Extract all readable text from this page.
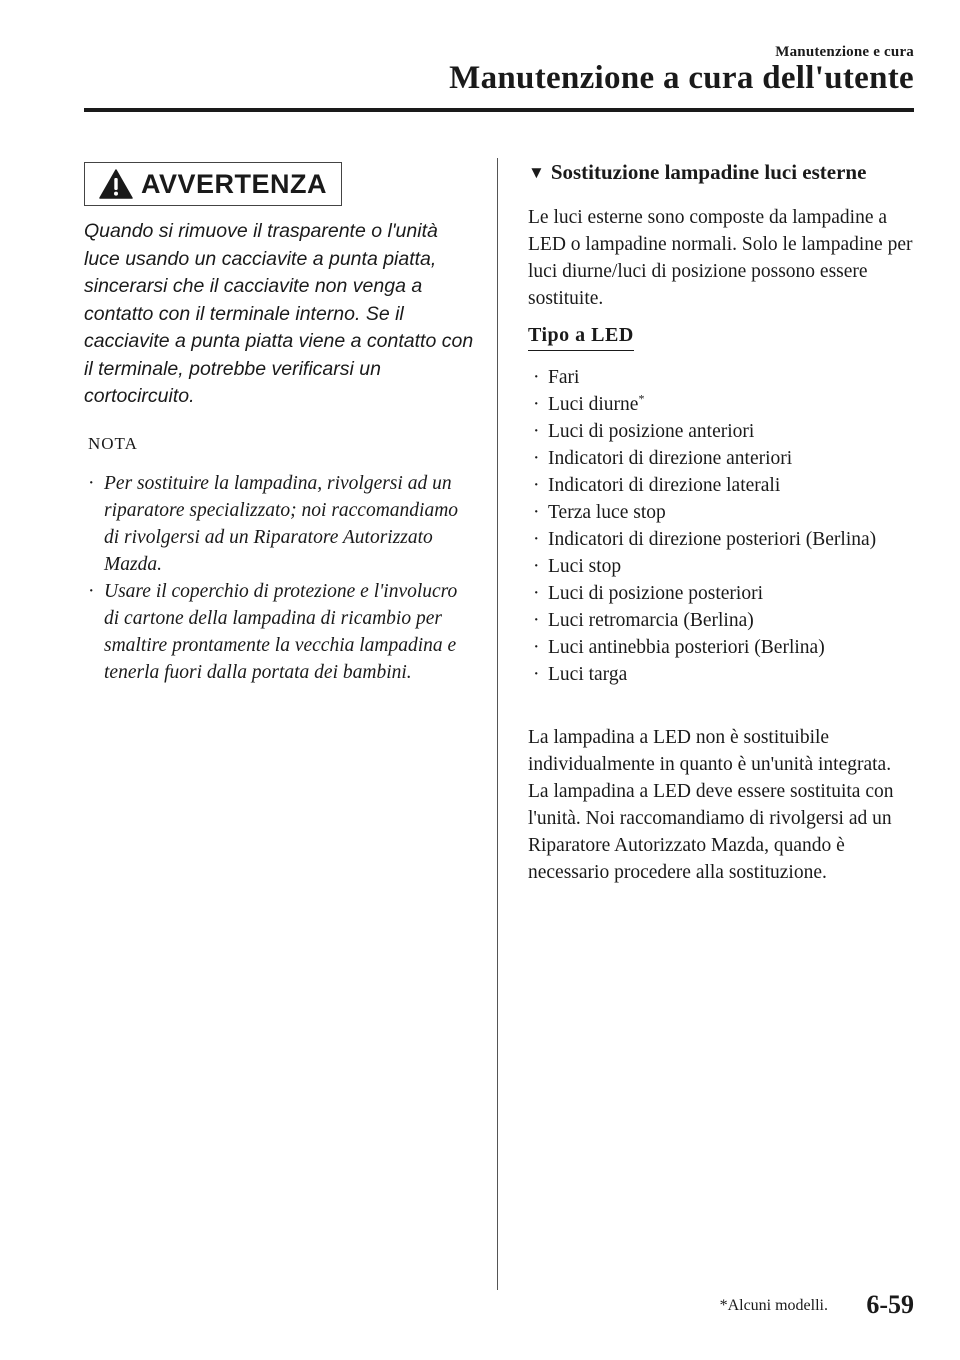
Manutenzione e cura
Manutenzione a cura dell'utente
AVVERTENZA

Quando si rimuove il trasparente o l'unità luce usando un cacciavite a punta piatta, sincerarsi che il cacciavite non venga a contatto con il terminale interno. Se il cacciavite a punta piatta viene a contatto con il terminale, potrebbe verificarsi un cortocircuito.

NOTA
· Per sostituire la lampadina, rivolgersi ad un riparatore specializzato; noi raccomandiamo di rivolgersi ad un Riparatore Autorizzato Mazda.
· Usare il coperchio di protezione e l'involucro di cartone della lampadina di ricambio per smaltire prontamente la vecchia lampadina e tenerla fuori dalla portata dei bambini.
▼ Sostituzione lampadine luci esterne

Le luci esterne sono composte da lampadine a LED o lampadine normali. Solo le lampadine per luci diurne/luci di posizione possono essere sostituite.

Tipo a LED
· Fari
· Luci diurne*
· Luci di posizione anteriori
· Indicatori di direzione anteriori
· Indicatori di direzione laterali
· Terza luce stop
· Indicatori di direzione posteriori (Berlina)
· Luci stop
· Luci di posizione posteriori
· Luci retromarcia (Berlina)
· Luci antinebbia posteriori (Berlina)
· Luci targa
La lampadina a LED non è sostituibile individualmente in quanto è un'unità integrata.
La lampadina a LED deve essere sostituita con l'unità. Noi raccomandiamo di rivolgersi ad un Riparatore Autorizzato Mazda, quando è necessario procedere alla sostituzione.
*Alcuni modelli. 6-59
